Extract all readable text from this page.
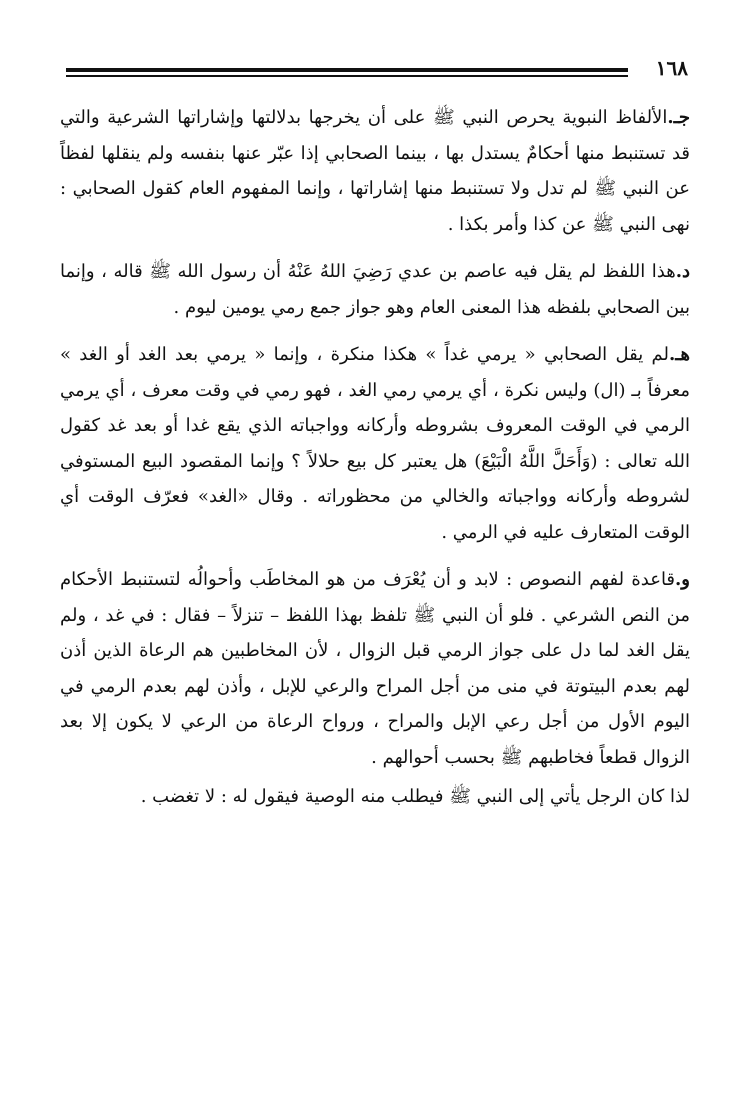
١٦٨

جـ.الألفاظ النبوية يحرص النبي ﷺ على أن يخرجها بدلالتها وإشاراتها الشرعية والتي قد تستنبط منها أحكامٌ يستدل بها ، بينما الصحابي إذا عبّر عنها بنفسه ولم ينقلها لفظاً عن النبي ﷺ لم تدل ولا تستنبط منها إشاراتها ، وإنما المفهوم العام كقول الصحابي : نهى النبي ﷺ عن كذا وأمر بكذا .

د.هذا اللفظ لم يقل فيه عاصم بن عدي رَضِيَ اللهُ عَنْهُ أن رسول الله ﷺ قاله ، وإنما بين الصحابي بلفظه هذا المعنى العام وهو جواز جمع رمي يومين ليوم .

هـ.لم يقل الصحابي « يرمي غداً » هكذا منكرة ، وإنما « يرمي بعد الغد أو الغد » معرفاً بـ (ال) وليس نكرة ، أي يرمي رمي الغد ، فهو رمي في وقت معرف ، أي يرمي الرمي في الوقت المعروف بشروطه وأركانه وواجباته الذي يقع غدا أو بعد غد كقول الله تعالى : (وَأَحَلَّ اللَّهُ الْبَيْعَ) هل يعتبر كل بيع حلالاً ؟ وإنما المقصود البيع المستوفي لشروطه وأركانه وواجباته والخالي من محظوراته . وقال «الغد» فعرّف الوقت أي الوقت المتعارف عليه في الرمي .

و.قاعدة لفهم النصوص : لابد و أن يُعْرَف من هو المخاطَب وأحوالُه لتستنبط الأحكام من النص الشرعي . فلو أن النبي ﷺ تلفظ بهذا اللفظ – تنزلاً – فقال : في غد ، ولم يقل الغد لما دل على جواز الرمي قبل الزوال ، لأن المخاطبين هم الرعاة الذين أذن لهم بعدم البيتوتة في منى من أجل المراح والرعي للإبل ، وأذن لهم بعدم الرمي في اليوم الأول من أجل رعي الإبل والمراح ، ورواح الرعاة من الرعي لا يكون إلا بعد الزوال قطعاً فخاطبهم ﷺ بحسب أحوالهم .

لذا كان الرجل يأتي إلى النبي ﷺ فيطلب منه الوصية فيقول له : لا تغضب .
